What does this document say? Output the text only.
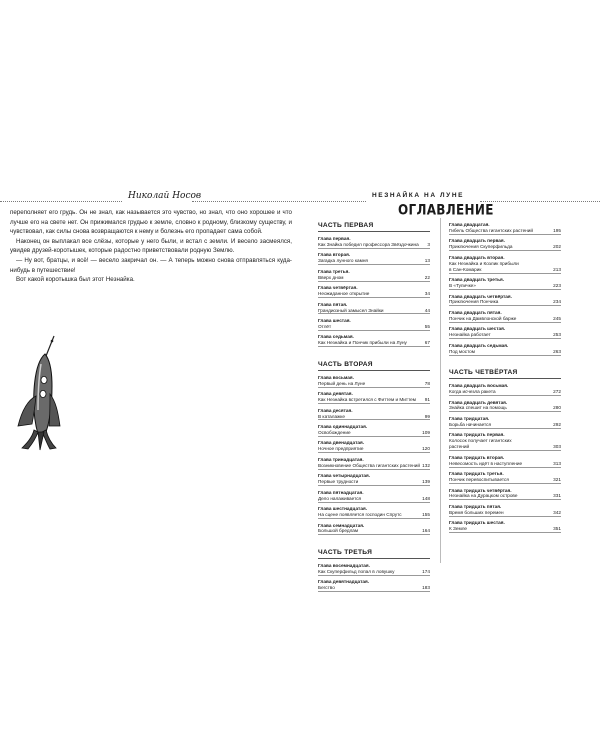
Николай Носов	НЕЗНАЙКА НА ЛУНЕ

переполняет его грудь. Он не знал, как называется это чувство, но знал, что оно хорошее и что лучше его на свете нет. Он прижимался грудью к земле, словно к родному, близкому существу, и чувствовал, как силы снова возвращаются к нему и болезнь его пропадает сама собой.

Наконец он выплакал все слёзы, которые у него были, и встал с земли. И весело засмеялся, увидев друзей-коротышек, которые радостно приветствовали родную Землю.

— Ну вот, братцы, и всё! — весело закричал он. — А теперь можно снова отправляться куда-нибудь в путешествие!

Вот какой коротышка был этот Незнайка.

ОГЛАВЛЕНИЕ
ЧАСТЬ ПЕРВАЯ
Глава первая.
Как Знайка победил профессора Звёздочкина	3
Глава вторая.
Загадка лунного камня	13
Глава третья.
Вверх дном	22
Глава четвёртая.
Неожиданное открытие	34
Глава пятая.
Грандиозный замысел Знайки	44
Глава шестая.
Отлёт	55
Глава седьмая.
Как Незнайка и Пончик прибыли на Луну	67
ЧАСТЬ ВТОРАЯ
Глава восьмая.
Первый день на Луне	78
Глава девятая.
Как Незнайка встретился с Фиттем и Миттем	91
Глава десятая.
В каталажке	99
Глава одиннадцатая.
Освобождение	109
Глава двенадцатая.
Ночное предприятие	120
Глава тринадцатая.
Возникновение Общества гигантских растений 132
Глава четырнадцатая.
Первые трудности	139
Глава пятнадцатая.
Дело налаживается	148
Глава шестнадцатая.
На сцене появляется господин Спрутс	155
Глава семнадцатая.
Большой бредлам	164
ЧАСТЬ ТРЕТЬЯ
Глава восемнадцатая.
Как Скуперфильд попал в ловушку	174
Глава девятнадцатая.
Бегство	183
Глава двадцатая.
Гибель Общества гигантских растений	195
Глава двадцать первая.
Приключения Скуперфильда	202
Глава двадцать вторая.
Как Незнайка и Козлик прибыли
в Сан-Комарик	213
Глава двадцать третья.
В «Тупичке»	223
Глава двадцать четвёртая.
Приключения Пончика	234
Глава двадцать пятая.
Пончик на Дамвлонской барже	245
Глава двадцать шестая.
Незнайка работает	253
Глава двадцать седьмая.
Под мостом	263
ЧАСТЬ ЧЕТВЁРТАЯ
Глава двадцать восьмая.
Когда исчезла ракета	272
Глава двадцать девятая.
Знайка спешит на помощь	280
Глава тридцатая.
Борьба начинается	292
Глава тридцать первая.
Колосок получает гигантских
растений	303
Глава тридцать вторая.
Невесомость идёт в наступление	313
Глава тридцать третья.
Пончик перевоспитывается	321
Глава тридцать четвёртая.
Незнайка на Дурацком острове	331
Глава тридцать пятая.
Время больших перемен	342
Глава тридцать шестая.
К Земле	351
